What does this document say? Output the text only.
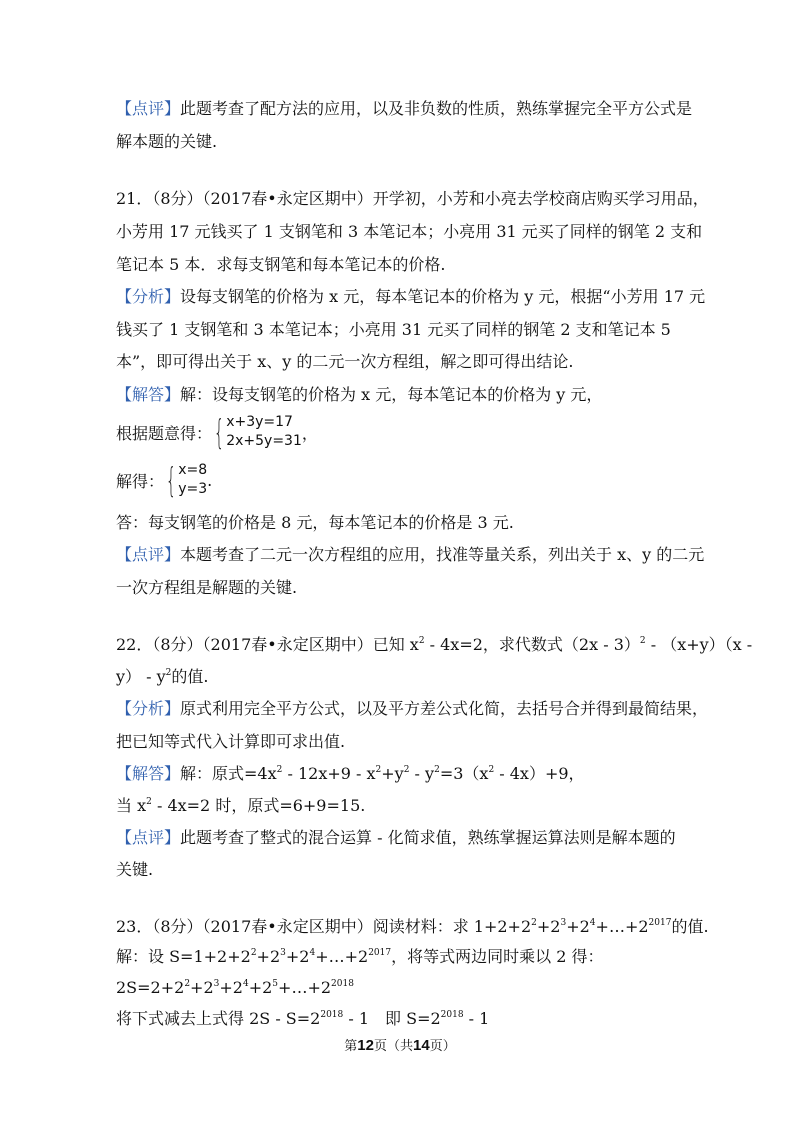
【点评】此题考查了配方法的应用，以及非负数的性质，熟练掌握完全平方公式是
解本题的关键.
21．（8分）（2017春•永定区期中）开学初，小芳和小亮去学校商店购买学习用品，
小芳用 17 元钱买了 1 支钢笔和 3 本笔记本；小亮用 31 元买了同样的钢笔 2 支和
笔记本 5 本．求每支钢笔和每本笔记本的价格.
【分析】设每支钢笔的价格为 x 元，每本笔记本的价格为 y 元，根据“小芳用 17 元
钱买了 1 支钢笔和 3 本笔记本；小亮用 31 元买了同样的钢笔 2 支和笔记本 5
本”，即可得出关于 x、y 的二元一次方程组，解之即可得出结论.
【解答】解：设每支钢笔的价格为 x 元，每本笔记本的价格为 y 元，
根据题意得： { x+3y=17
2x+5y=31 ，
解得： { x=8
y=3 .
答：每支钢笔的价格是 8 元，每本笔记本的价格是 3 元.
【点评】本题考查了二元一次方程组的应用，找准等量关系，列出关于 x、y 的二元
一次方程组是解题的关键.
22．（8分）（2017春•永定区期中）已知 $x^2 - 4x=2$，求代数式（2x - 3）$^2$ - （x+y）（x -
$y) - y^2$的值.
【分析】原式利用完全平方公式，以及平方差公式化简，去括号合并得到最简结果，
把已知等式代入计算即可求出值.
【解答】解：原式$=4x^2 - 12x+9 - x^2+y^2 - y^2=3(x^2 - 4x)+9$，
当 $x^2 - 4x=2$ 时，原式=6+9=15.
【点评】此题考查了整式的混合运算 - 化简求值，熟练掌握运算法则是解本题的
关键.
23．（8分）（2017春•永定区期中）阅读材料：求 $1+2+2^2+2^3+2^4+\dots+2^{2017}$的值.
解：设 $S=1+2+2^2+2^3+2^4+\dots+2^{2017}$，将等式两边同时乘以 2 得：
$2S=2+2^2+2^3+2^4+2^5+\dots+2^{2018}$
将下式减去上式得 $2S - S=2^{2018} - 1$　即 $S=2^{2018} - 1$
第12页（共14页）
